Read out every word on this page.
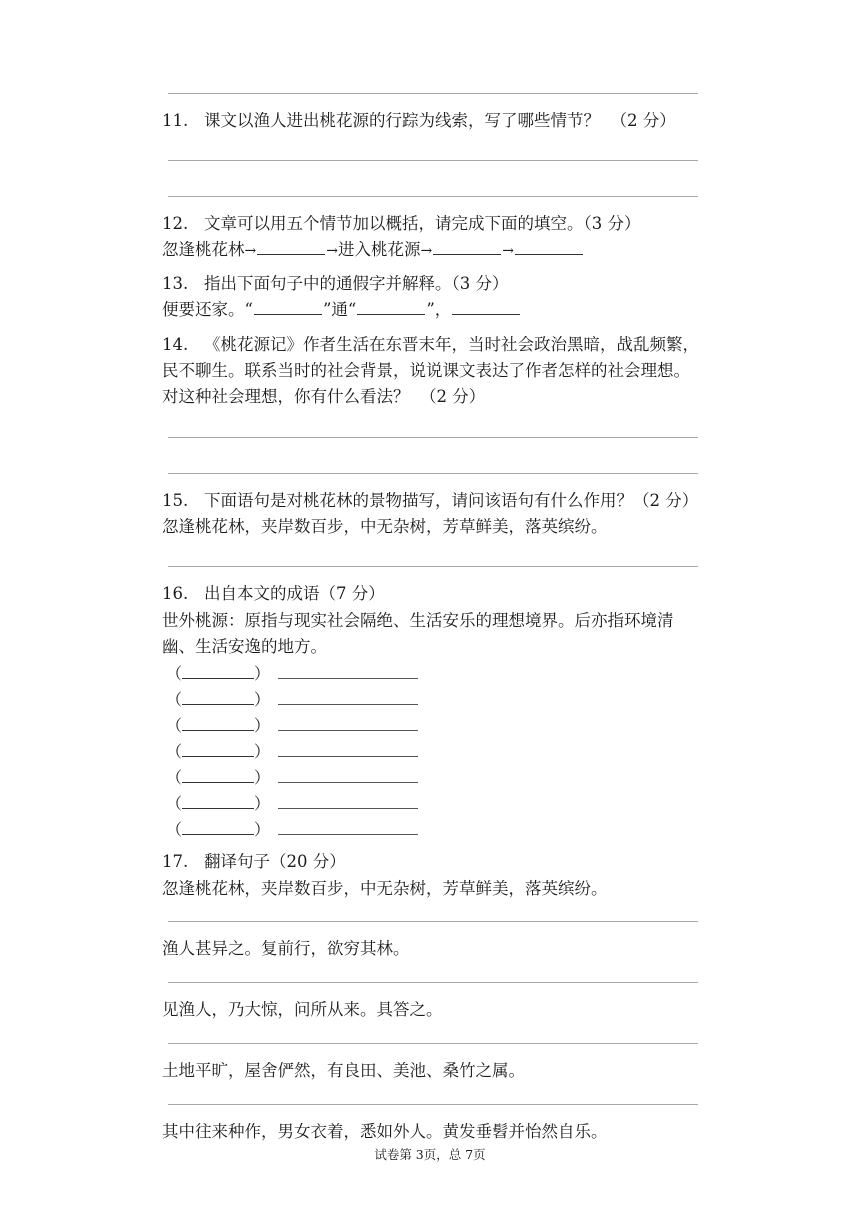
11. 课文以渔人进出桃花源的行踪为线索，写了哪些情节？ （2 分）
12. 文章可以用五个情节加以概括，请完成下面的填空。（3 分）
忽逢桃花林→	→进入桃花源→	→
13. 指出下面句子中的通假字并解释。（3 分）
便要还家。“	”通“	”，
14. 《桃花源记》作者生活在东晋末年，当时社会政治黑暗，战乱频繁，
民不聊生。联系当时的社会背景，说说课文表达了作者怎样的社会理想。
对这种社会理想，你有什么看法？ （2 分）
15. 下面语句是对桃花林的景物描写，请问该语句有什么作用？（2 分）
忽逢桃花林，夹岸数百步，中无杂树，芳草鲜美，落英缤纷。
16. 出自本文的成语（7 分）
世外桃源：原指与现实社会隔绝、生活安乐的理想境界。后亦指环境清
幽、生活安逸的地方。
（	）
（	）
（	）
（	）
（	）
（	）
（	）
17. 翻译句子（20 分）
忽逢桃花林，夹岸数百步，中无杂树，芳草鲜美，落英缤纷。
渔人甚异之。复前行，欲穷其林。
见渔人，乃大惊，问所从来。具答之。
土地平旷，屋舍俨然，有良田、美池、桑竹之属。
其中往来种作，男女衣着，悉如外人。黄发垂髫并怡然自乐。
试卷第 3页，总 7页
